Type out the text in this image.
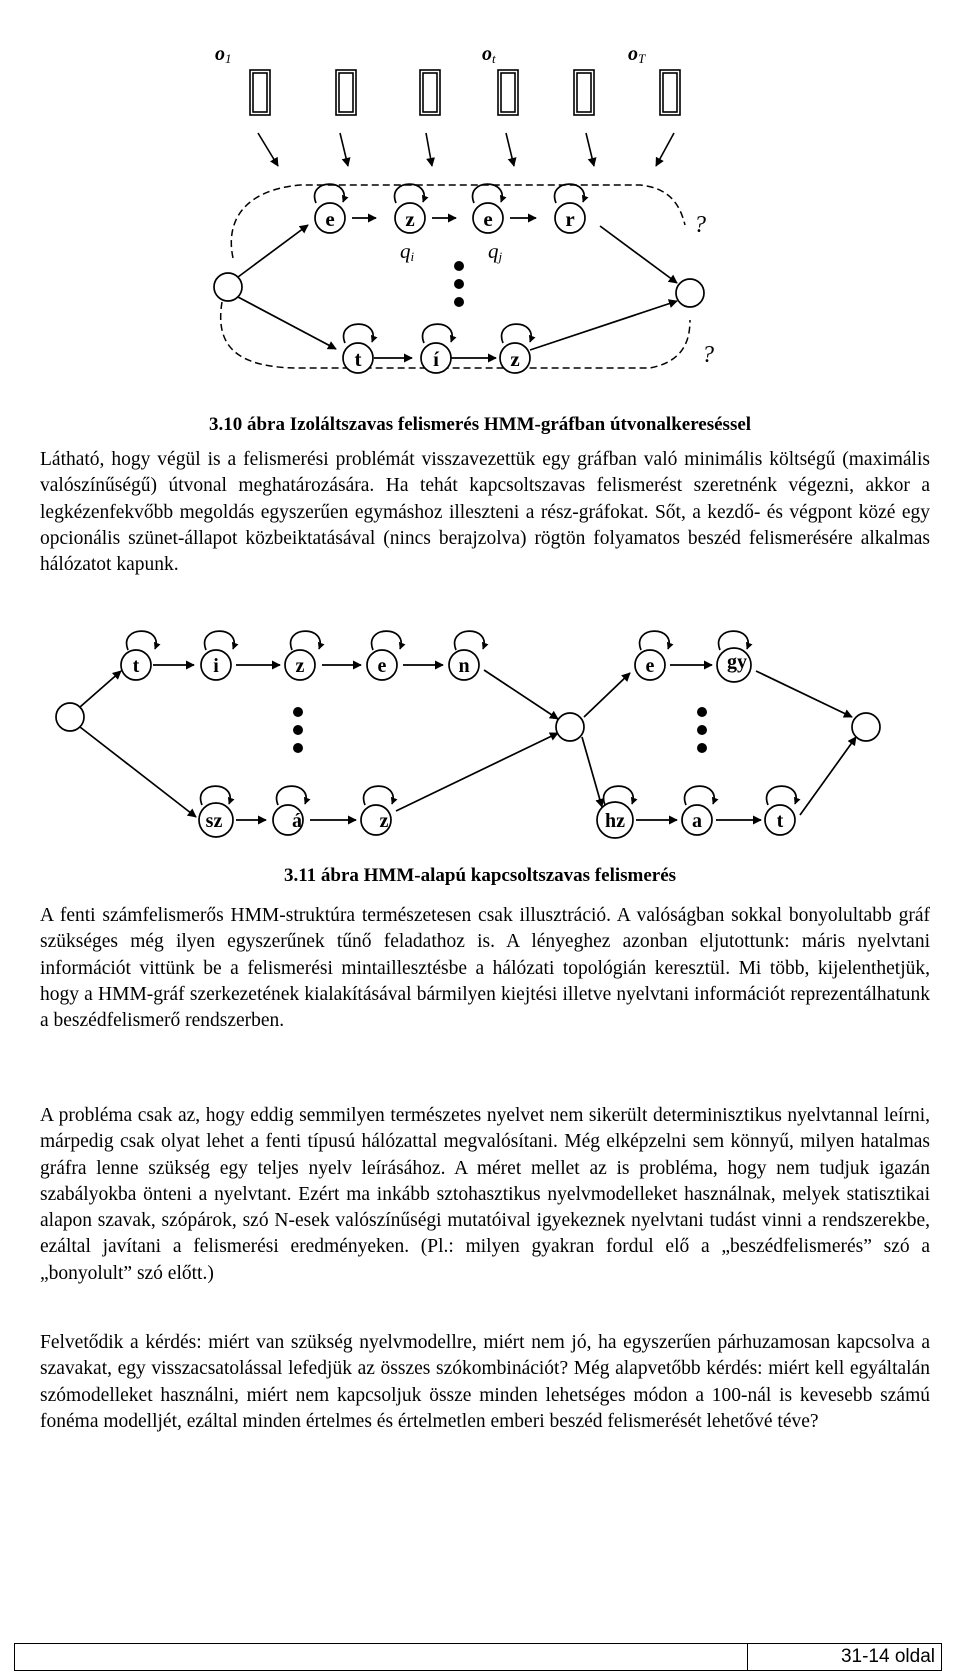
o1	ot	oT
e	z	e	r
qi	qj
t	í	z
?
?
3.10 ábra Izoláltszavas felismerés HMM-gráfban útvonalkereséssel

Látható, hogy végül is a felismerési problémát visszavezettük egy gráfban való minimális költségű (maximális valószínűségű) útvonal meghatározására. Ha tehát kapcsoltszavas felismerést szeretnénk végezni, akkor a legkézenfekvőbb megoldás egyszerűen egymáshoz illeszteni a rész-gráfokat. Sőt, a kezdő- és végpont közé egy opcionális szünet-állapot közbeiktatásával (nincs berajzolva) rögtön folyamatos beszéd felismerésére alkalmas hálózatot kapunk.

t	i	z	e	n	e	gy
sz	á	z	hz	a	t
3.11 ábra HMM-alapú kapcsoltszavas felismerés

A fenti számfelismerős HMM-struktúra természetesen csak illusztráció. A valóságban sokkal bonyolultabb gráf szükséges még ilyen egyszerűnek tűnő feladathoz is. A lényeghez azonban eljutottunk: máris nyelvtani információt vittünk be a felismerési mintaillesztésbe a hálózati topológián keresztül. Mi több, kijelenthetjük, hogy a HMM-gráf szerkezetének kialakításával bármilyen kiejtési illetve nyelvtani információt reprezentálhatunk a beszédfelismerő rendszerben.

A probléma csak az, hogy eddig semmilyen természetes nyelvet nem sikerült determinisztikus nyelvtannal leírni, márpedig csak olyat lehet a fenti típusú hálózattal megvalósítani. Még elképzelni sem könnyű, milyen hatalmas gráfra lenne szükség egy teljes nyelv leírásához. A méret mellet az is probléma, hogy nem tudjuk igazán szabályokba önteni a nyelvtant. Ezért ma inkább sztohasztikus nyelvmodelleket használnak, melyek statisztikai alapon szavak, szópárok, szó N-esek valószínűségi mutatóival igyekeznek nyelvtani tudást vinni a rendszerekbe, ezáltal javítani a felismerési eredményeken. (Pl.: milyen gyakran fordul elő a „beszédfelismerés” szó a „bonyolult” szó előtt.)

Felvetődik a kérdés: miért van szükség nyelvmodellre, miért nem jó, ha egyszerűen párhuzamosan kapcsolva a szavakat, egy visszacsatolással lefedjük az összes szókombinációt? Még alapvetőbb kérdés: miért kell egyáltalán szómodelleket használni, miért nem kapcsoljuk össze minden lehetséges módon a 100-nál is kevesebb számú fonéma modelljét, ezáltal minden értelmes és értelmetlen emberi beszéd felismerését lehetővé téve?

31-14 oldal
